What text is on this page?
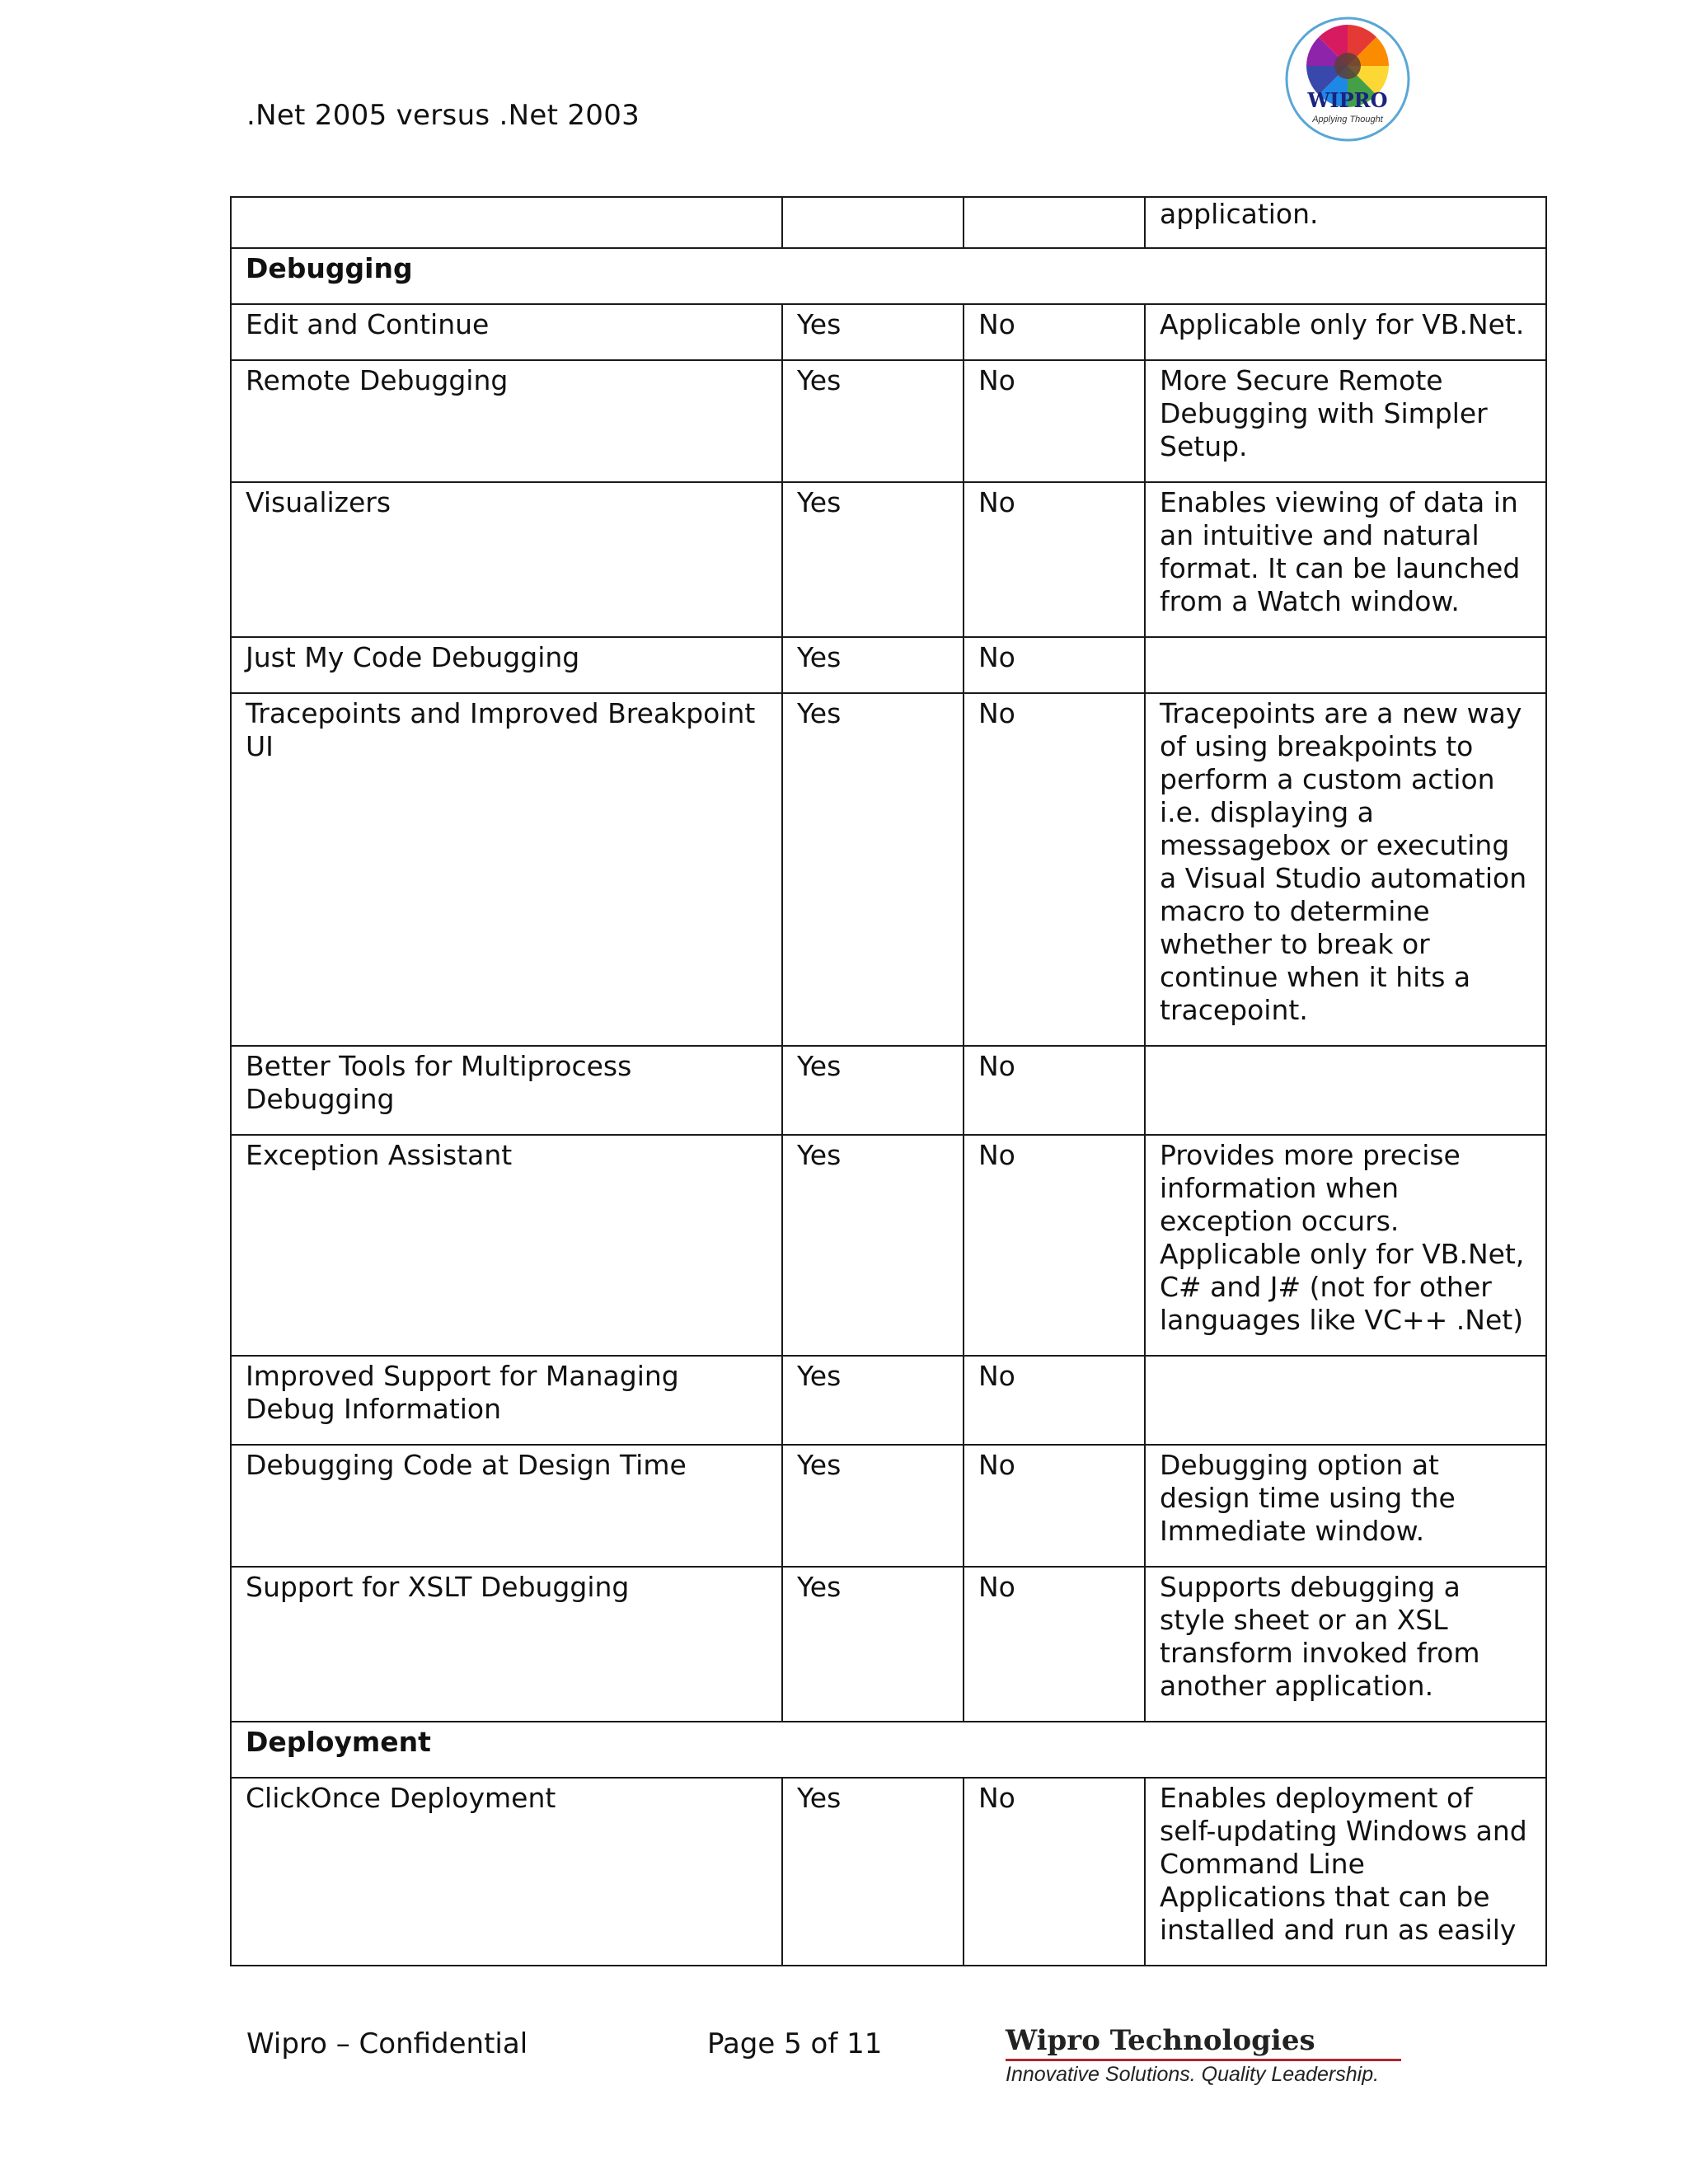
.Net 2005 versus .Net 2003	WIPRO
Applying Thought
			application.
Debugging			
Edit and Continue	Yes	No	Applicable only for VB.Net.
Remote Debugging	Yes	No	More Secure Remote Debugging with Simpler Setup.
Visualizers	Yes	No	Enables viewing of data in an intuitive and natural format. It can be launched from a Watch window.
Just My Code Debugging	Yes	No	
Tracepoints and Improved Breakpoint UI	Yes	No	Tracepoints are a new way of using breakpoints to perform a custom action i.e. displaying a messagebox or executing a Visual Studio automation macro to determine whether to break or continue when it hits a tracepoint.
Better Tools for Multiprocess Debugging	Yes	No	
Exception Assistant	Yes	No	Provides more precise information when exception occurs. Applicable only for VB.Net, C# and J# (not for other languages like VC++ .Net)
Improved Support for Managing Debug Information	Yes	No	
Debugging Code at Design Time	Yes	No	Debugging option at design time using the Immediate window.
Support for XSLT Debugging	Yes	No	Supports debugging a style sheet or an XSL transform invoked from another application.
Deployment			
ClickOnce Deployment	Yes	No	Enables deployment of self-updating Windows and Command Line Applications that can be installed and run as easily
Wipro – Confidential	Page 5 of 11	Wipro Technologies
Innovative Solutions. Quality Leadership.
